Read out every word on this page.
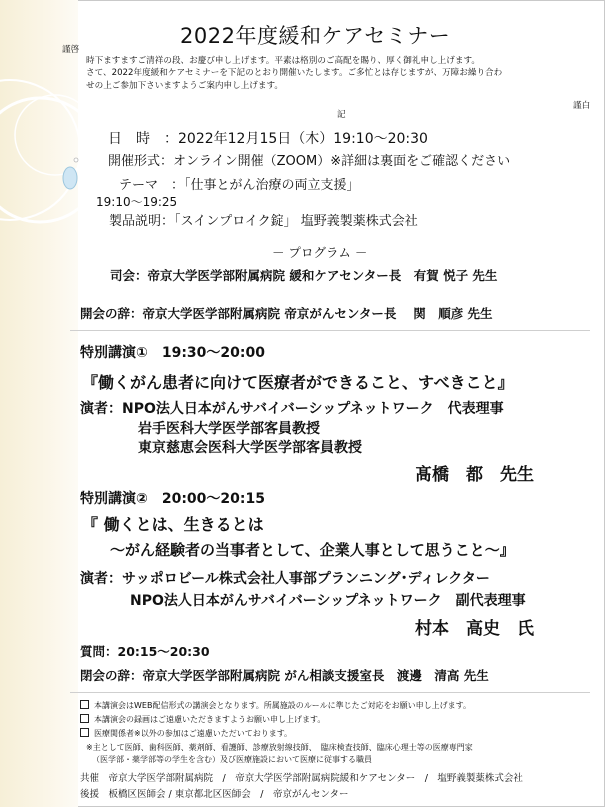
2022年度緩和ケアセミナー
謹啓
時下ますますご清祥の段、お慶び申し上げます。平素は格別のご高配を賜り、厚く御礼申し上げます。
さて、2022年度緩和ケアセミナーを下記のとおり開催いたします。ご多忙とは存じますが、万障お繰り合わ
せの上ご参加下さいますようご案内申し上げます。
謹白
記
日　時　：2022年12月15日（木）19:10～20:30
開催形式：オンライン開催（ZOOM）※詳細は裏面をご確認ください
テーマ　：「仕事とがん治療の両立支援」
19:10～19:25
製品説明：「スインプロイク錠」 塩野義製薬株式会社
－ プログラム －
司会：帝京大学医学部附属病院 緩和ケアセンター長　有賀 悦子 先生
開会の辞：帝京大学医学部附属病院 帝京がんセンター長　 関　順彦 先生
特別講演①　19:30～20:00
『働くがん患者に向けて医療者ができること、すべきこと』
演者：NPO法人日本がんサバイバーシップネットワーク　代表理事
岩手医科大学医学部客員教授
東京慈恵会医科大学医学部客員教授
髙橋　都　先生
特別講演②　20:00～20:15
『 働くとは、生きるとは
～がん経験者の当事者として、企業人事として思うこと～』
演者：サッポロビール株式会社人事部プランニング･ディレクター
NPO法人日本がんサバイバーシップネットワーク　副代表理事
村本　高史　氏
質問：20:15～20:30
閉会の辞：帝京大学医学部附属病院 がん相談支援室長　渡邊　清高 先生
本講演会はWEB配信形式の講演会となります。所属施設のルールに準じたご対応をお願い申し上げます。
本講演会の録画はご遠慮いただきますようお願い申し上げます。
医療関係者※以外の参加はご遠慮いただいております。
※主として医師、歯科医師、薬剤師、看護師、診療放射線技師、　臨床検査技師、臨床心理士等の医療専門家
（医学部・薬学部等の学生を含む）及び医療施設において医療に従事する職員
共催　帝京大学医学部附属病院　/　帝京大学医学部附属病院緩和ケアセンター　/　塩野義製薬株式会社
後援　板橋区医師会 / 東京都北区医師会　/　帝京がんセンター
